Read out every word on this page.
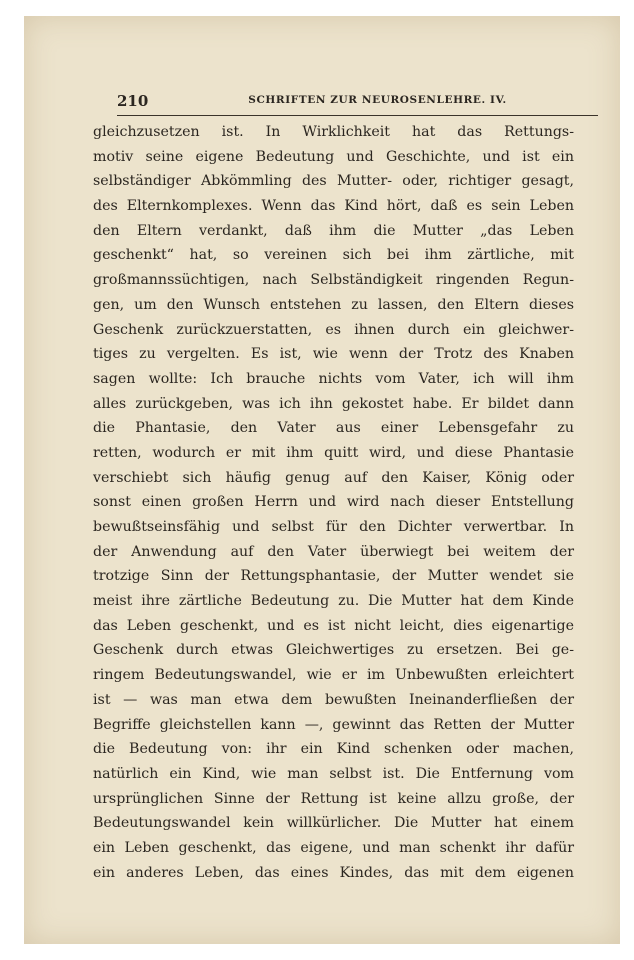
210	SCHRIFTEN ZUR NEUROSENLEHRE. IV.
gleichzusetzen ist. In Wirklichkeit hat das Rettungs-
motiv seine eigene Bedeutung und Geschichte, und ist ein
selbständiger Abkömmling des Mutter- oder, richtiger gesagt,
des Elternkomplexes. Wenn das Kind hört, daß es sein Leben
den Eltern verdankt, daß ihm die Mutter „das Leben
geschenkt“ hat, so vereinen sich bei ihm zärtliche, mit
großmannssüchtigen, nach Selbständigkeit ringenden Regun-
gen, um den Wunsch entstehen zu lassen, den Eltern dieses
Geschenk zurückzuerstatten, es ihnen durch ein gleichwer-
tiges zu vergelten. Es ist, wie wenn der Trotz des Knaben
sagen wollte: Ich brauche nichts vom Vater, ich will ihm
alles zurückgeben, was ich ihn gekostet habe. Er bildet dann
die Phantasie, den Vater aus einer Lebensgefahr zu
retten, wodurch er mit ihm quitt wird, und diese Phantasie
verschiebt sich häufig genug auf den Kaiser, König oder
sonst einen großen Herrn und wird nach dieser Entstellung
bewußtseinsfähig und selbst für den Dichter verwertbar. In
der Anwendung auf den Vater überwiegt bei weitem der
trotzige Sinn der Rettungsphantasie, der Mutter wendet sie
meist ihre zärtliche Bedeutung zu. Die Mutter hat dem Kinde
das Leben geschenkt, und es ist nicht leicht, dies eigenartige
Geschenk durch etwas Gleichwertiges zu ersetzen. Bei ge-
ringem Bedeutungswandel, wie er im Unbewußten erleichtert
ist — was man etwa dem bewußten Ineinanderfließen der
Begriffe gleichstellen kann —, gewinnt das Retten der Mutter
die Bedeutung von: ihr ein Kind schenken oder machen,
natürlich ein Kind, wie man selbst ist. Die Entfernung vom
ursprünglichen Sinne der Rettung ist keine allzu große, der
Bedeutungswandel kein willkürlicher. Die Mutter hat einem
ein Leben geschenkt, das eigene, und man schenkt ihr dafür
ein anderes Leben, das eines Kindes, das mit dem eigenen
